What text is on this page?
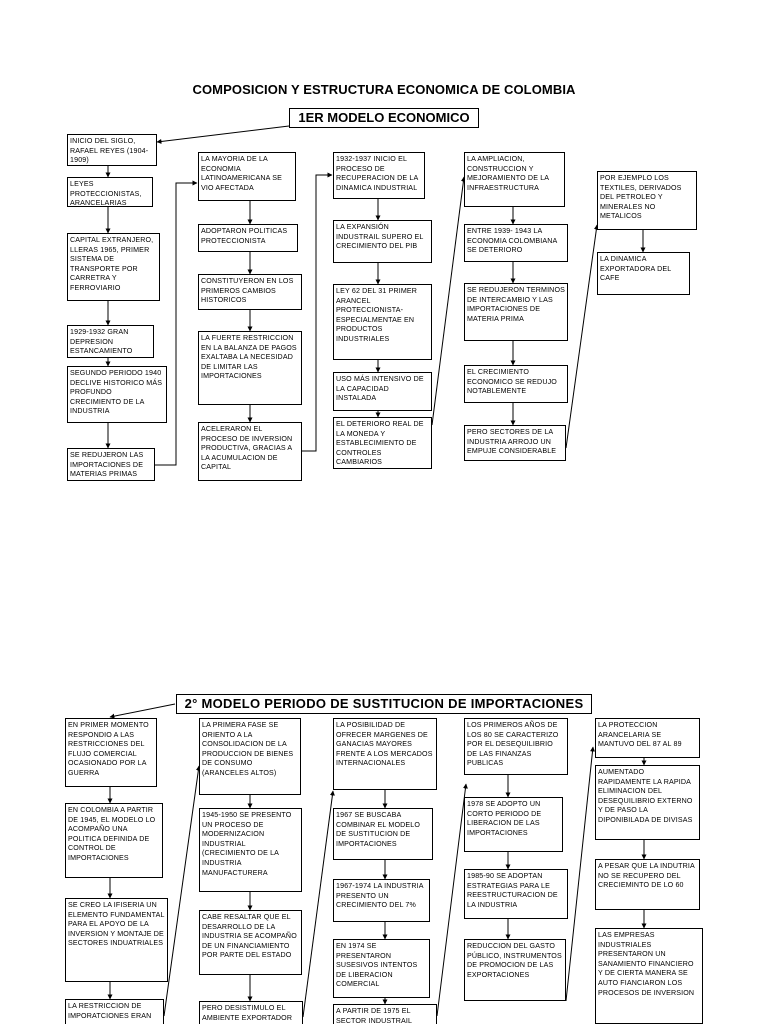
COMPOSICION Y ESTRUCTURA ECONOMICA DE COLOMBIA
1ER MODELO ECONOMICO
INICIO DEL SIGLO, RAFAEL REYES (1904-1909)
LEYES PROTECCIONISTAS, ARANCELARIAS
CAPITAL EXTRANJERO, LLERAS 1965, PRIMER SISTEMA DE TRANSPORTE POR CARRETRA Y FERROVIARIO
1929-1932 GRAN DEPRESION ESTANCAMIENTO
SEGUNDO PERIODO 1940 DECLIVE HISTORICO MÁS PROFUNDO CRECIMIENTO DE LA INDUSTRIA
SE REDUJERON LAS IMPORTACIONES DE MATERIAS PRIMAS
LA MAYORIA DE LA ECONOMIA LATINOAMERICANA SE VIO AFECTADA
ADOPTARON POLITICAS PROTECCIONISTA
CONSTITUYERON EN LOS PRIMEROS CAMBIOS HISTORICOS
LA FUERTE RESTRICCION EN LA BALANZA DE PAGOS EXALTABA LA NECESIDAD DE LIMITAR LAS IMPORTACIONES
ACELERARON EL PROCESO DE INVERSION PRODUCTIVA, GRACIAS A LA ACUMULACION DE CAPITAL
1932-1937 INICIO EL PROCESO DE RECUPERACION DE LA DINAMICA INDUSTRIAL
LA EXPANSIÓN INDUSTRAIL SUPERO EL CRECIMIENTO DEL PIB
LEY 62 DEL 31 PRIMER ARANCEL PROTECCIONISTA-ESPECIALMENTAE EN PRODUCTOS INDUSTRIALES
USO MÁS INTENSIVO DE LA CAPACIDAD INSTALADA
EL DETERIORO REAL DE LA MONEDA Y ESTABLECIMIENTO DE CONTROLES CAMBIARIOS
LA AMPLIACION, CONSTRUCCION Y MEJORAMIENTO DE LA INFRAESTRUCTURA
ENTRE 1939- 1943 LA ECONOMIA COLOMBIANA SE DETERIORO
SE REDUJERON TERMINOS DE INTERCAMBIO Y LAS IMPORTACIONES DE MATERIA PRIMA
EL CRECIMIENTO ECONOMICO SE REDUJO NOTABLEMENTE
PERO SECTORES DE LA INDUSTRIA ARROJO UN EMPUJE CONSIDERABLE
POR EJEMPLO LOS TEXTILES, DERIVADOS DEL PETROLEO Y MINERALES NO METALICOS
LA DINAMICA EXPORTADORA DEL CAFE
2° MODELO PERIODO DE SUSTITUCION DE IMPORTACIONES
EN PRIMER MOMENTO RESPONDIO A LAS RESTRICCIONES DEL FLUJO COMERCIAL OCASIONADO POR LA GUERRA
EN COLOMBIA A PARTIR DE 1945, EL MODELO LO ACOMPAÑO UNA POLITICA DEFINIDA DE CONTROL DE IMPORTACIONES
SE CREO LA IFISERIA UN ELEMENTO FUNDAMENTAL PARA EL APOYO DE LA INVERSION Y MONTAJE DE SECTORES INDUATRIALES
LA RESTRICCION DE IMPORATCIONES ERAN
LA PRIMERA FASE SE ORIENTO A LA CONSOLIDACION DE LA PRODUCCION DE BIENES DE CONSUMO (ARANCELES ALTOS)
1945-1950 SE PRESENTO UN PROCESO DE MODERNIZACION INDUSTRIAL (CRECIMIENTO DE LA INDUSTRIA MANUFACTURERA
CABE RESALTAR QUE EL DESARROLLO DE LA INDUSTRIA SE ACOMPAÑO DE UN FINANCIAMIENTO POR PARTE DEL ESTADO
PERO DESISTIMULO EL AMBIENTE EXPORTADOR
LA POSIBILIDAD DE OFRECER MARGENES DE GANACIAS MAYORES FRENTE A LOS MERCADOS INTERNACIONALES
1967 SE BUSCABA COMBINAR EL MODELO DE SUSTITUCION DE IMPORTACIONES
1967-1974 LA INDUSTRIA PRESENTO UN CRECIMIENTO DEL 7%
EN 1974 SE PRESENTARON SUSESIVOS INTENTOS DE LIBERACION COMERCIAL
A PARTIR DE 1975 EL SECTOR INDUSTRAIL
LOS PRIMEROS AÑOS DE LOS 80 SE CARACTERIZO POR EL DESEQUILIBRIO DE LAS FINANZAS PUBLICAS
1978 SE ADOPTO UN CORTO PERIODO DE LIBERACION DE LAS IMPORTACIONES
1985-90 SE ADOPTAN ESTRATEGIAS PARA LE REESTRUCTURACION DE LA INDUSTRIA
REDUCCION DEL GASTO PÚBLICO, INSTRUMENTOS DE PROMOCION DE LAS EXPORTACIONES
LA PROTECCION ARANCELARIA SE MANTUVO DEL 87 AL 89
AUMENTADO RAPIDAMENTE LA RAPIDA ELIMINACION DEL DESEQUILIBRIO EXTERNO Y DE PASO LA DIPONIBILADA DE DIVISAS
A PESAR QUE LA INDUTRIA NO SE RECUPERO DEL CRECIEMINTO DE LO 60
LAS EMPRESAS INDUSTRIALES PRESENTARON UN SANAMIENTO FINANCIERO Y DE CIERTA MANERA SE AUTO FIANCIARON LOS PROCESOS DE INVERSION
